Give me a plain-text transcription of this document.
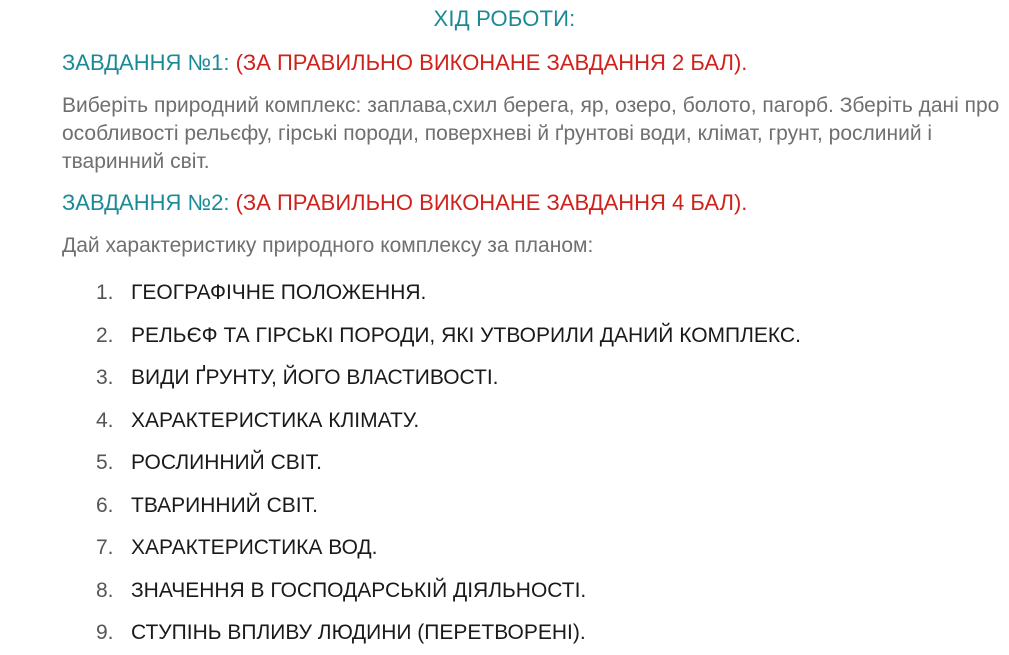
ХІД РОБОТИ:
ЗАВДАННЯ №1: (ЗА ПРАВИЛЬНО ВИКОНАНЕ ЗАВДАННЯ 2 БАЛ).
Виберіть природний комплекс: заплава,схил берега, яр, озеро, болото, пагорб. Зберіть дані про особливості рельєфу, гірські породи, поверхневі й ґрунтові води, клімат, грунт, рослиний і тваринний світ.
ЗАВДАННЯ №2: (ЗА ПРАВИЛЬНО ВИКОНАНЕ ЗАВДАННЯ 4 БАЛ).
Дай характеристику природного комплексу за планом:
1. ГЕОГРАФІЧНЕ ПОЛОЖЕННЯ.
2. РЕЛЬЄФ ТА ГІРСЬКІ ПОРОДИ, ЯКІ УТВОРИЛИ ДАНИЙ КОМПЛЕКС.
3. ВИДИ ҐРУНТУ, ЙОГО ВЛАСТИВОСТІ.
4. ХАРАКТЕРИСТИКА КЛІМАТУ.
5. РОСЛИННИЙ СВІТ.
6. ТВАРИННИЙ СВІТ.
7. ХАРАКТЕРИСТИКА ВОД.
8. ЗНАЧЕННЯ В ГОСПОДАРСЬКІЙ ДІЯЛЬНОСТІ.
9. СТУПІНЬ ВПЛИВУ ЛЮДИНИ (ПЕРЕТВОРЕНІ).
